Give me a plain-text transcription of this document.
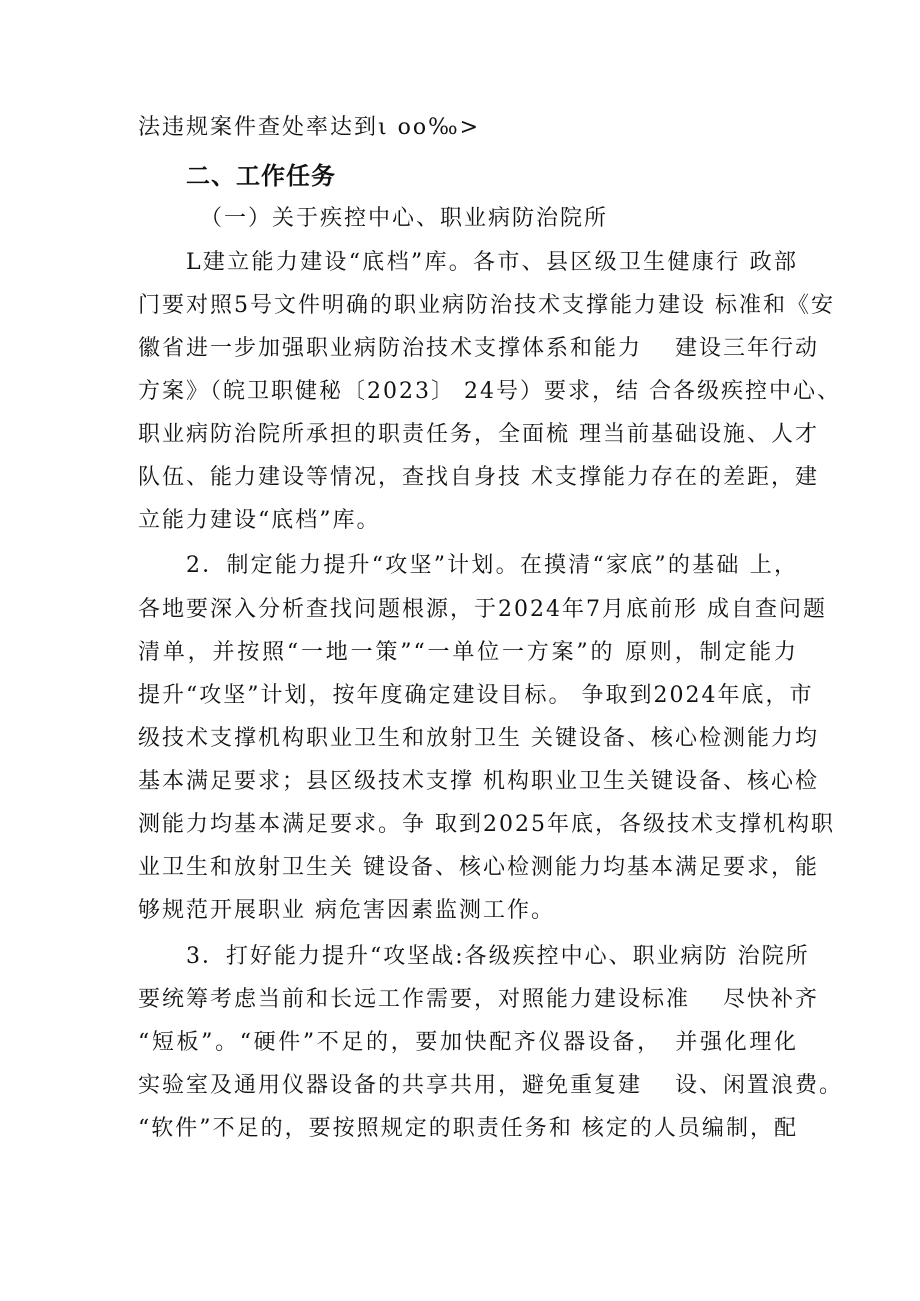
法违规案件查处率达到ι oo‰>
二、工作任务
（一）关于疾控中心、职业病防治院所
L建立能力建设“底档”库。各市、县区级卫生健康行 政部
门要对照5号文件明确的职业病防治技术支撑能力建设 标准和《安
徽省进一步加强职业病防治技术支撑体系和能力　 建设三年行动
方案》（皖卫职健秘〔2023〕 24号）要求，结 合各级疾控中心、
职业病防治院所承担的职责任务，全面梳 理当前基础设施、人才
队伍、能力建设等情况，查找自身技 术支撑能力存在的差距，建
立能力建设“底档”库。
2．制定能力提升“攻坚”计划。在摸清“家底”的基础 上，
各地要深入分析查找问题根源，于2024年7月底前形 成自查问题
清单，并按照“一地一策”“一单位一方案”的 原则，制定能力
提升“攻坚”计划，按年度确定建设目标。 争取到2024年底，市
级技术支撑机构职业卫生和放射卫生 关键设备、核心检测能力均
基本满足要求；县区级技术支撑 机构职业卫生关键设备、核心检
测能力均基本满足要求。争 取到2025年底，各级技术支撑机构职
业卫生和放射卫生关 键设备、核心检测能力均基本满足要求，能
够规范开展职业 病危害因素监测工作。
3．打好能力提升“攻坚战:各级疾控中心、职业病防 治院所
要统筹考虑当前和长远工作需要，对照能力建设标准　 尽快补齐
“短板”。“硬件”不足的，要加快配齐仪器设备，　并强化理化
实验室及通用仪器设备的共享共用，避免重复建　 设、闲置浪费。
“软件”不足的，要按照规定的职责任务和 核定的人员编制，配
